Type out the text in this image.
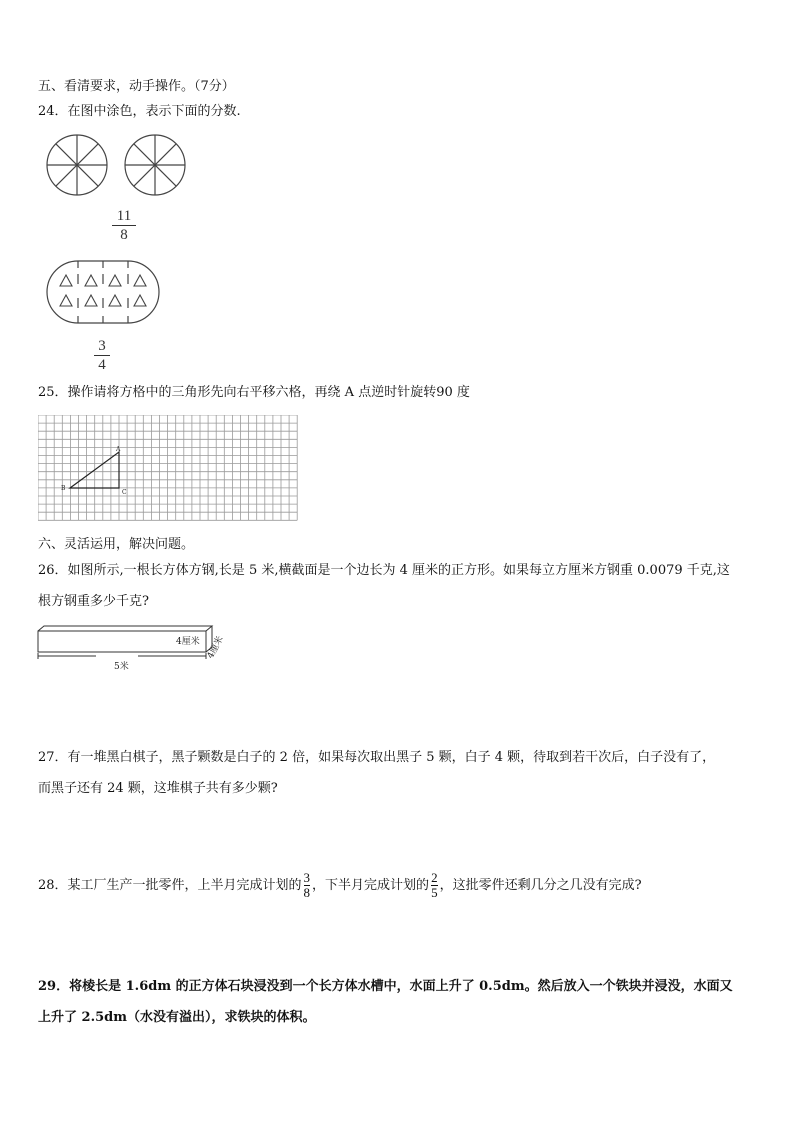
五、看清要求，动手操作。（7分）
24．在图中涂色，表示下面的分数.
11
8
3
4
25．操作请将方格中的三角形先向右平移六格，再绕 A 点逆时针旋转90 度
A
B
C
六、灵活运用，解决问题。
26．如图所示,一根长方体方钢,长是 5 米,横截面是一个边长为 4 厘米的正方形。如果每立方厘米方钢重 0.0079 千克,这
根方钢重多少千克?
4厘米
5米
4厘米
27．有一堆黑白棋子，黑子颗数是白子的 2 倍，如果每次取出黑子 5 颗，白子 4 颗，待取到若干次后，白子没有了，
而黑子还有 24 颗，这堆棋子共有多少颗?
28．某工厂生产一批零件，上半月完成计划的 $\frac{3}{8}$ ，下半月完成计划的 $\frac{2}{5}$ ，这批零件还剩几分之几没有完成?
29．将棱长是 1.6dm 的正方体石块浸没到一个长方体水槽中，水面上升了 0.5dm。然后放入一个铁块并浸没，水面又
上升了 2.5dm（水没有溢出），求铁块的体积。
